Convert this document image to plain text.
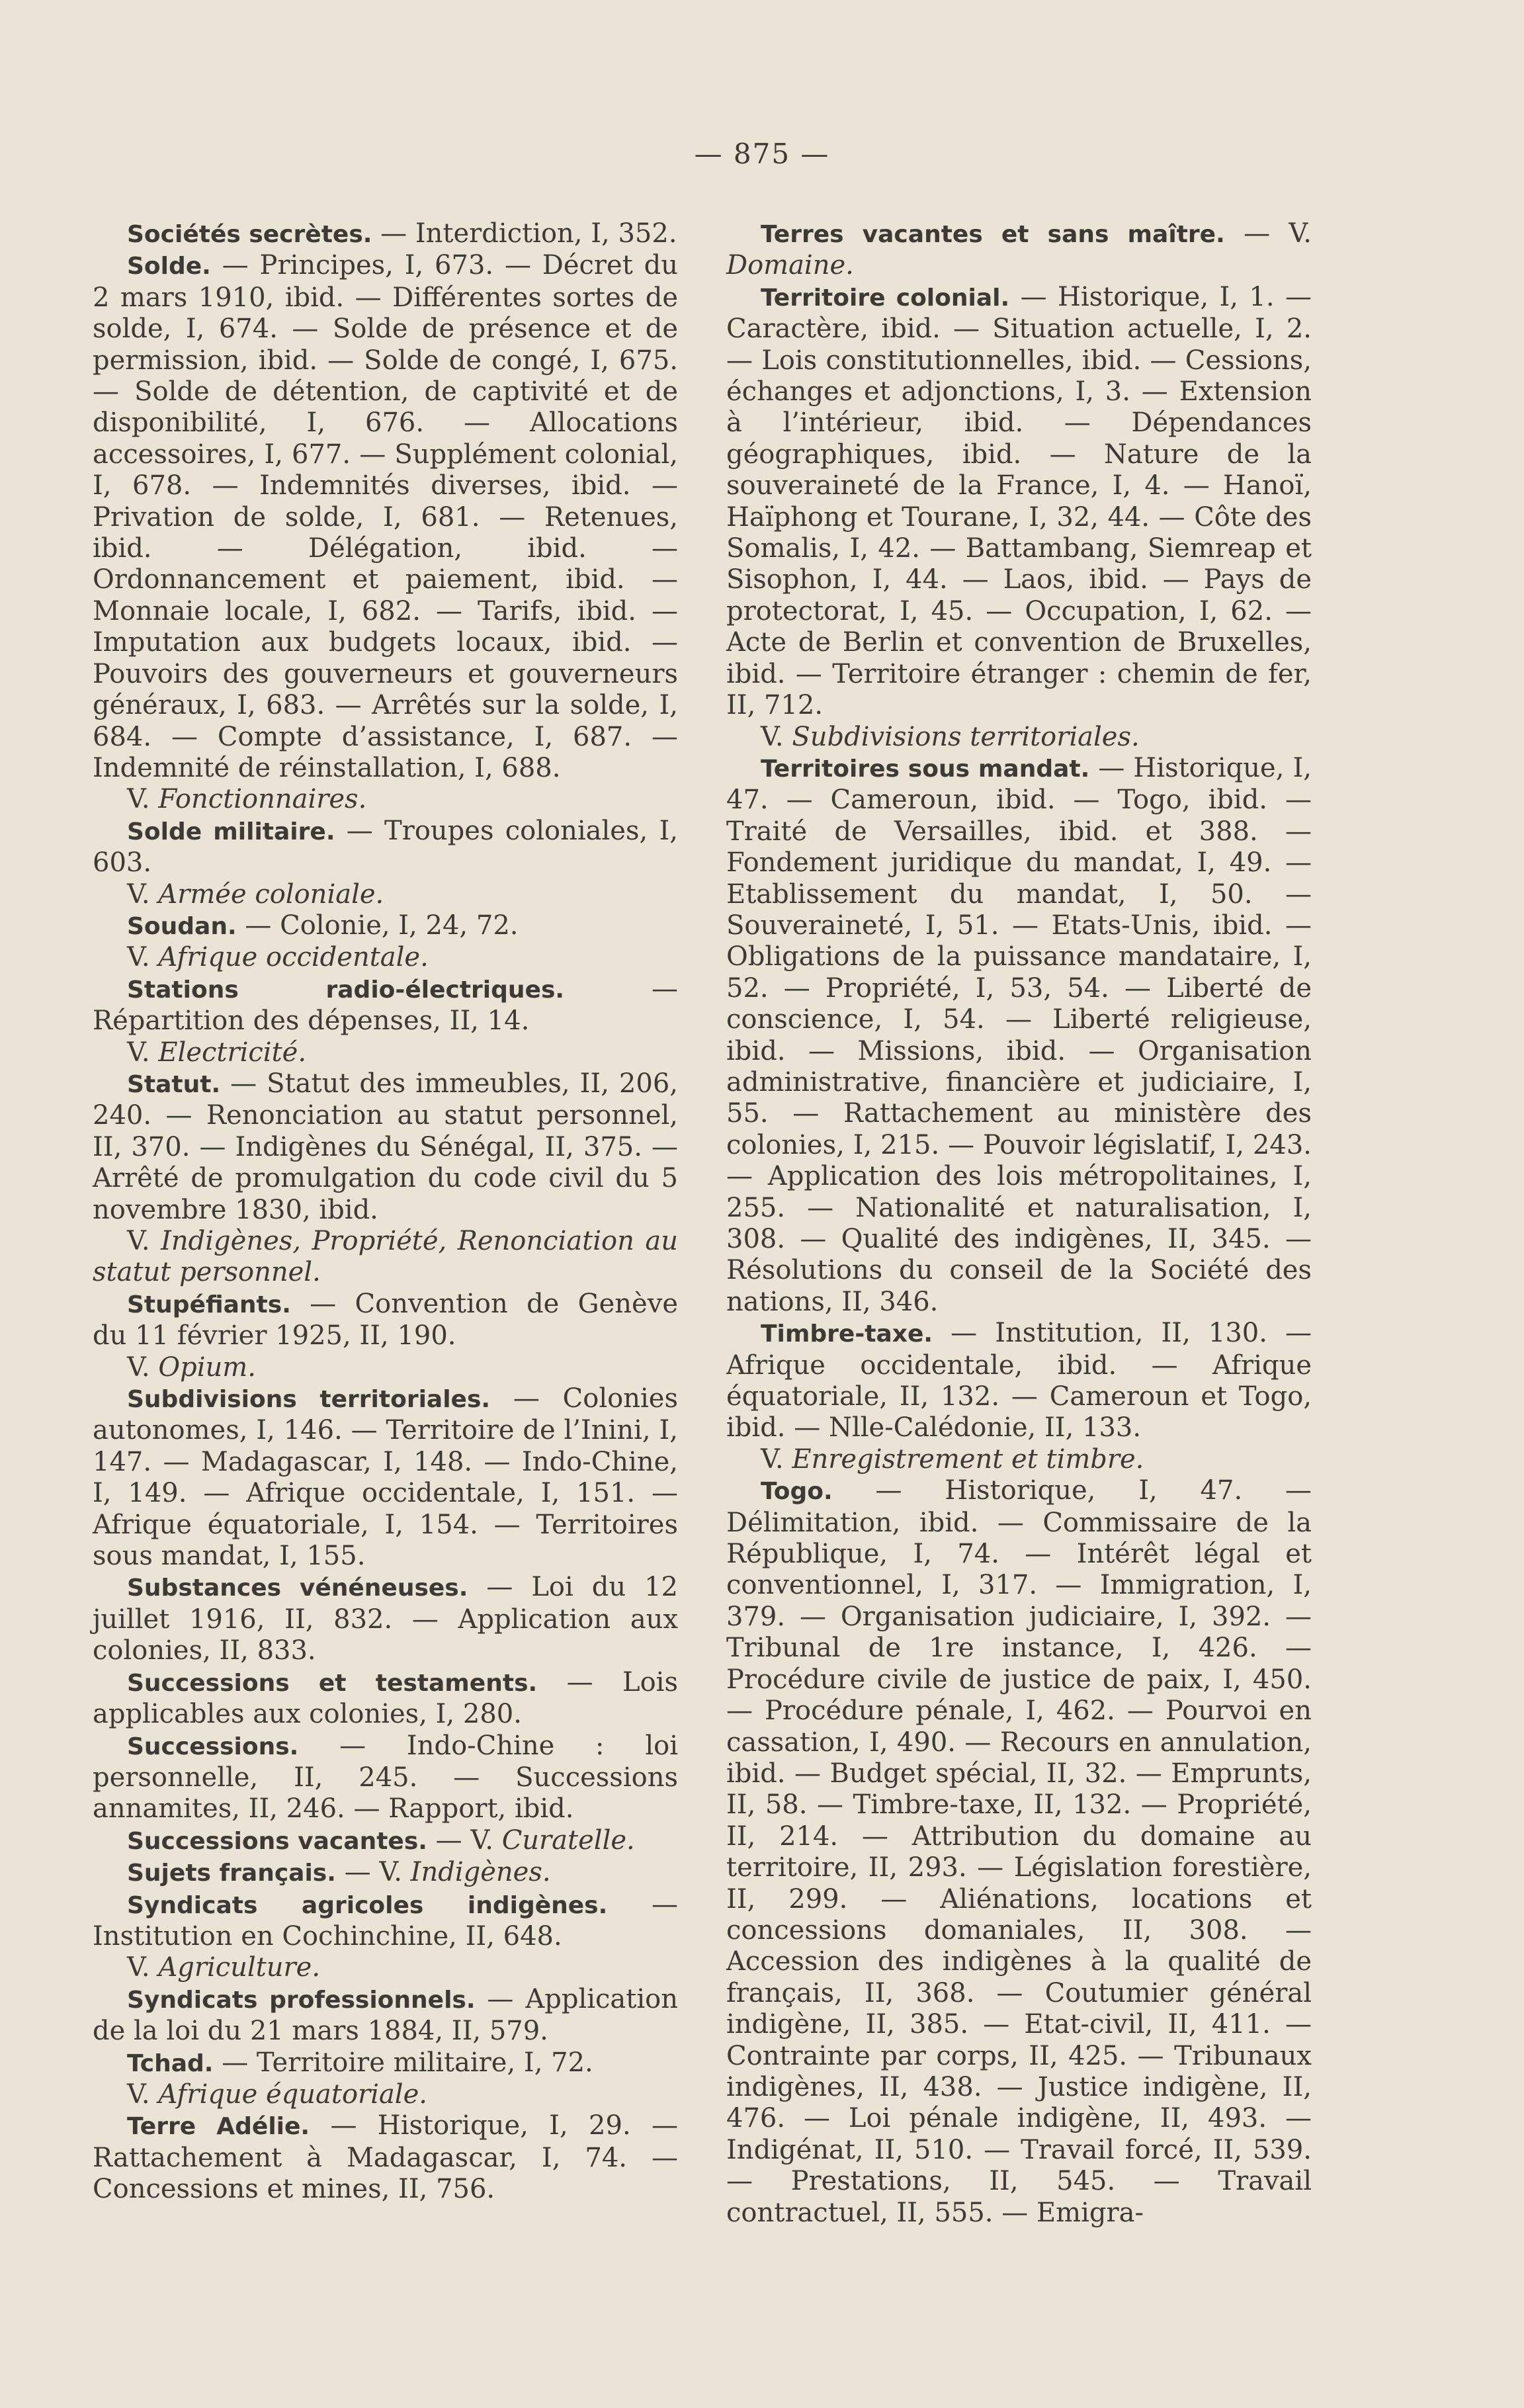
— 875 —

Sociétés secrètes. — Interdiction, I, 352.

Solde. — Principes, I, 673. — Décret du 2 mars 1910, ibid. — Différentes sortes de solde, I, 674. — Solde de présence et de permission, ibid. — Solde de congé, I, 675. — Solde de détention, de captivité et de disponibilité, I, 676. — Allocations accessoires, I, 677. — Supplément colonial, I, 678. — Indemnités diverses, ibid. — Privation de solde, I, 681. — Retenues, ibid. — Délégation, ibid. — Ordonnancement et paiement, ibid. — Monnaie locale, I, 682. — Tarifs, ibid. — Imputation aux budgets locaux, ibid. — Pouvoirs des gouverneurs et gouverneurs généraux, I, 683. — Arrêtés sur la solde, I, 684. — Compte d’assistance, I, 687. — Indemnité de réinstallation, I, 688.

V. Fonctionnaires.

Solde militaire. — Troupes coloniales, I, 603.

V. Armée coloniale.

Soudan. — Colonie, I, 24, 72.

V. Afrique occidentale.

Stations radio-électriques. — Répartition des dépenses, II, 14.

V. Electricité.

Statut. — Statut des immeubles, II, 206, 240. — Renonciation au statut personnel, II, 370. — Indigènes du Sénégal, II, 375. — Arrêté de promulgation du code civil du 5 novembre 1830, ibid.

V. Indigènes, Propriété, Renonciation au statut personnel.

Stupéfiants. — Convention de Genève du 11 février 1925, II, 190.

V. Opium.

Subdivisions territoriales. — Colonies autonomes, I, 146. — Territoire de l’Inini, I, 147. — Madagascar, I, 148. — Indo-Chine, I, 149. — Afrique occidentale, I, 151. — Afrique équatoriale, I, 154. — Territoires sous mandat, I, 155.

Substances vénéneuses. — Loi du 12 juillet 1916, II, 832. — Application aux colonies, II, 833.

Successions et testaments. — Lois applicables aux colonies, I, 280.

Successions. — Indo-Chine : loi personnelle, II, 245. — Successions annamites, II, 246. — Rapport, ibid.

Successions vacantes. — V. Curatelle.

Sujets français. — V. Indigènes.

Syndicats agricoles indigènes. — Institution en Cochinchine, II, 648.

V. Agriculture.

Syndicats professionnels. — Application de la loi du 21 mars 1884, II, 579.

Tchad. — Territoire militaire, I, 72.

V. Afrique équatoriale.

Terre Adélie. — Historique, I, 29. — Rattachement à Madagascar, I, 74. — Concessions et mines, II, 756.

Terres vacantes et sans maître. — V. Domaine.

Territoire colonial. — Historique, I, 1. — Caractère, ibid. — Situation actuelle, I, 2. — Lois constitutionnelles, ibid. — Cessions, échanges et adjonctions, I, 3. — Extension à l’intérieur, ibid. — Dépendances géographiques, ibid. — Nature de la souveraineté de la France, I, 4. — Hanoï, Haïphong et Tourane, I, 32, 44. — Côte des Somalis, I, 42. — Battambang, Siemreap et Sisophon, I, 44. — Laos, ibid. — Pays de protectorat, I, 45. — Occupation, I, 62. — Acte de Berlin et convention de Bruxelles, ibid. — Territoire étranger : chemin de fer, II, 712.

V. Subdivisions territoriales.

Territoires sous mandat. — Historique, I, 47. — Cameroun, ibid. — Togo, ibid. — Traité de Versailles, ibid. et 388. — Fondement juridique du mandat, I, 49. — Etablissement du mandat, I, 50. — Souveraineté, I, 51. — Etats-Unis, ibid. — Obligations de la puissance mandataire, I, 52. — Propriété, I, 53, 54. — Liberté de conscience, I, 54. — Liberté religieuse, ibid. — Missions, ibid. — Organisation administrative, financière et judiciaire, I, 55. — Rattachement au ministère des colonies, I, 215. — Pouvoir législatif, I, 243. — Application des lois métropolitaines, I, 255. — Nationalité et naturalisation, I, 308. — Qualité des indigènes, II, 345. — Résolutions du conseil de la Société des nations, II, 346.

Timbre-taxe. — Institution, II, 130. — Afrique occidentale, ibid. — Afrique équatoriale, II, 132. — Cameroun et Togo, ibid. — Nlle-Calédonie, II, 133.

V. Enregistrement et timbre.

Togo. — Historique, I, 47. — Délimitation, ibid. — Commissaire de la République, I, 74. — Intérêt légal et conventionnel, I, 317. — Immigration, I, 379. — Organisation judiciaire, I, 392. — Tribunal de 1re instance, I, 426. — Procédure civile de justice de paix, I, 450. — Procédure pénale, I, 462. — Pourvoi en cassation, I, 490. — Recours en annulation, ibid. — Budget spécial, II, 32. — Emprunts, II, 58. — Timbre-taxe, II, 132. — Propriété, II, 214. — Attribution du domaine au territoire, II, 293. — Législation forestière, II, 299. — Aliénations, locations et concessions domaniales, II, 308. — Accession des indigènes à la qualité de français, II, 368. — Coutumier général indigène, II, 385. — Etat-civil, II, 411. — Contrainte par corps, II, 425. — Tribunaux indigènes, II, 438. — Justice indigène, II, 476. — Loi pénale indigène, II, 493. — Indigénat, II, 510. — Travail forcé, II, 539. — Prestations, II, 545. — Travail contractuel, II, 555. — Emigra-
